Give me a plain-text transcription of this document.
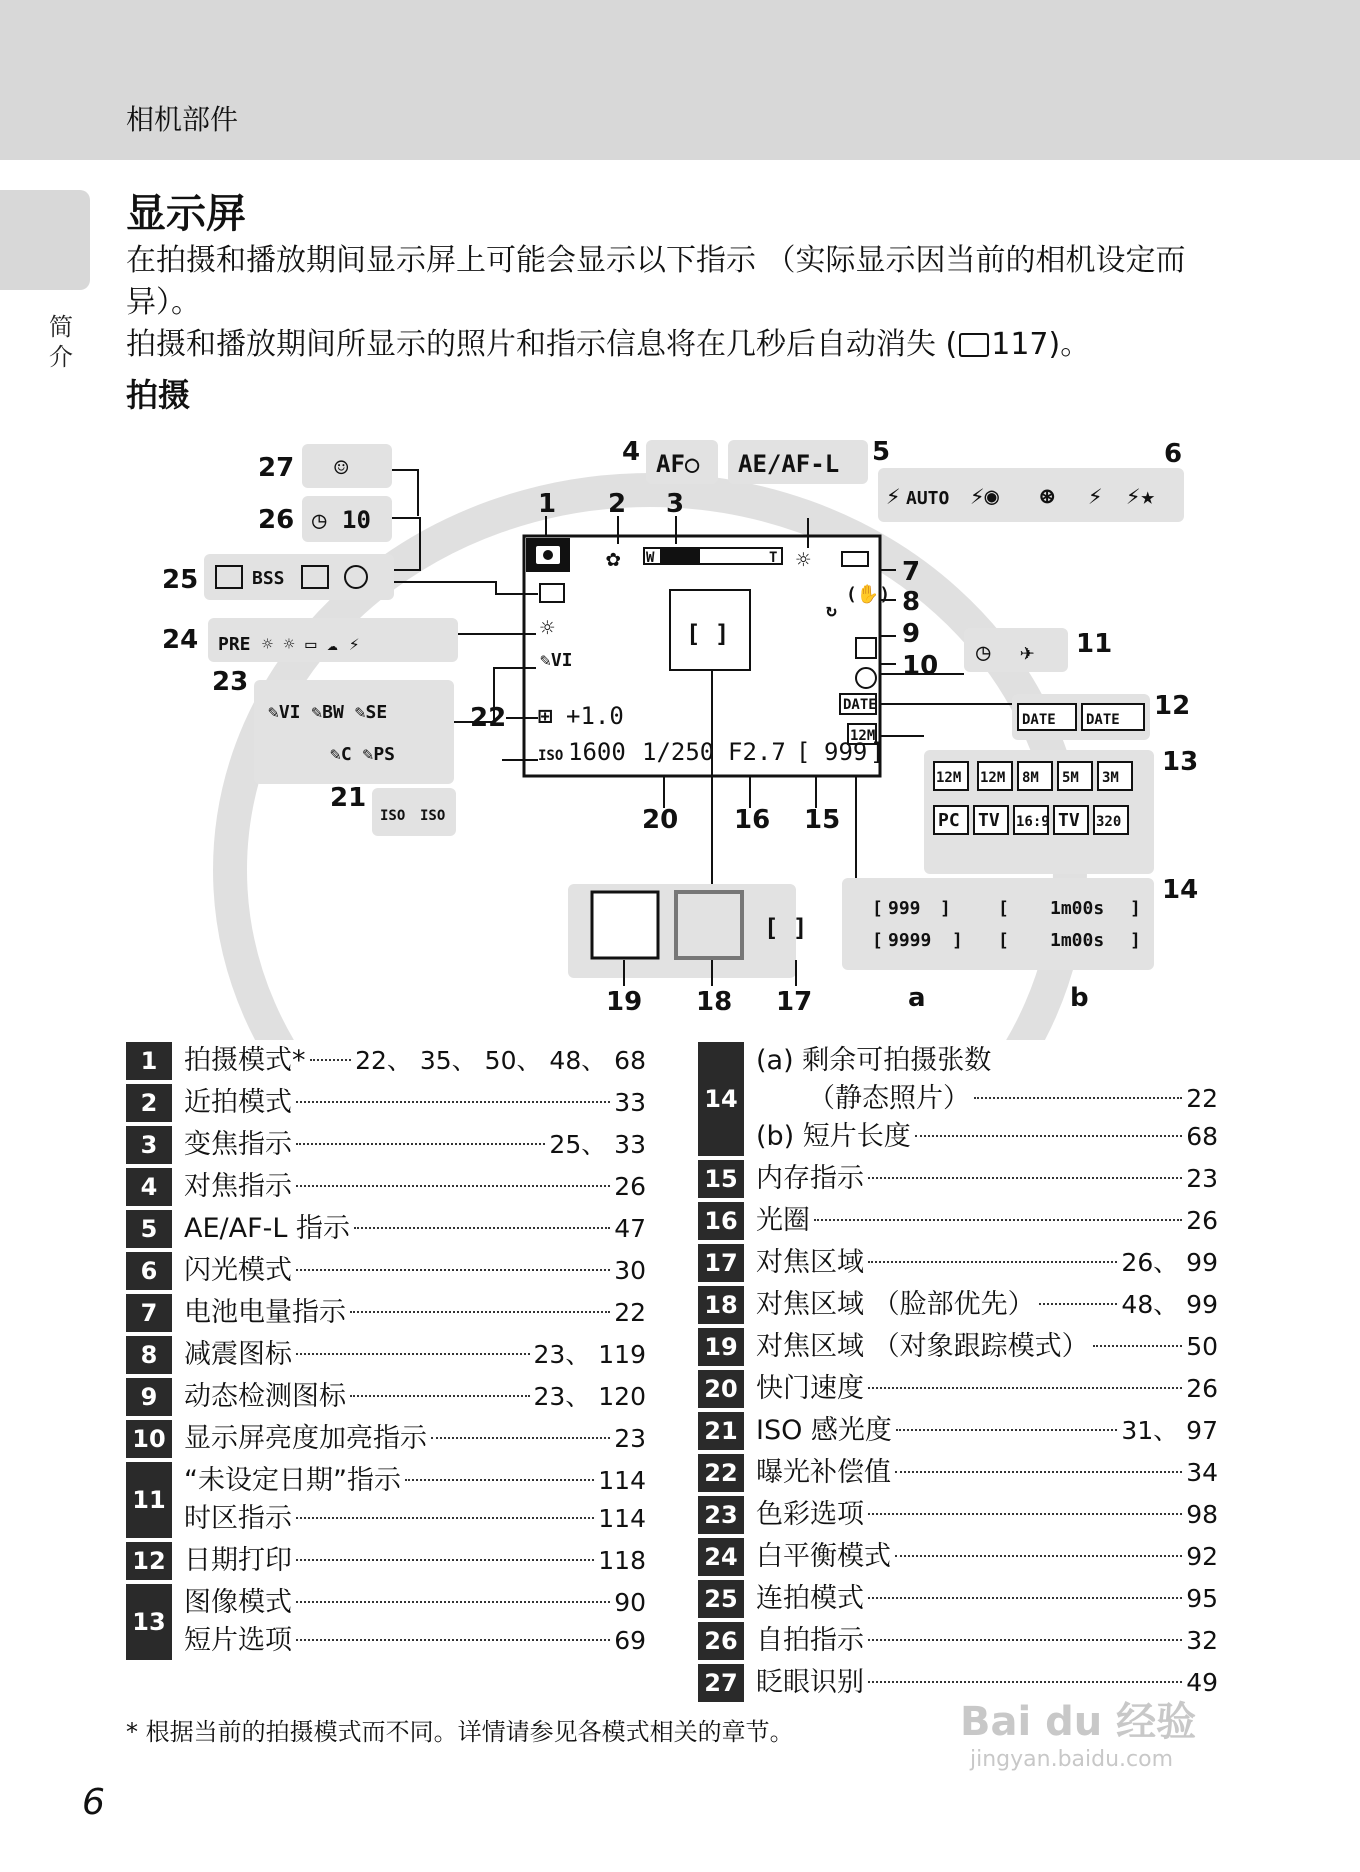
相机部件
简介
显示屏
在拍摄和播放期间显示屏上可能会显示以下指示 （实际显示因当前的相机设定而异）。
拍摄和播放期间所显示的照片和指示信息将在几秒后自动消失 ( 117)。
拍摄
✿ W	T ☼
(✋)
↻
DATE
12M
☼
✎VI
[ ]
⊞ +1.0
ISO 1600 1/250 F2.7 [ 999 ]
AF○ AE/AF-L
⚡ AUTO ⚡◉ ⊛ ⚡ ⚡★
◷ ✈
DATE DATE
12M 12M 8M 5M 3M
PC TV 16:9 TV 320
[ 999 ]
[ 9999 ]
[ 1m00s ]
[ 1m00s ]
a	b
[ ]
ISO ISO
✎VI ✎BW ✎SE
✎C ✎PS
PRE ☼ ☼ ▭ ☁ ⚡
BSS
◷ 10
☺
1 2 3
4	5	6
7
8
9
10
11
12
13
14
15
16
17
18
19
20
21
22
23
24
25
26
27
1 拍摄模式* 22、 35、 50、 48、 68
2 近拍模式	33
3 变焦指示	25、 33
4 对焦指示	26
5 AE/AF-L 指示	47
6 闪光模式	30
7 电池电量指示	22
8 减震图标	23、 119
9 动态检测图标	23、 120
10 显示屏亮度加亮指示	23
11
“未设定日期”指示	114
时区指示	114
12 日期打印	118
13
图像模式	90
短片选项	69
14
(a) 剩余可拍摄张数
（静态照片）	22
(b) 短片长度	68
15 内存指示	23
16 光圈	26
17 对焦区域	26、 99
18 对焦区域 （脸部优先）	48、 99
19 对焦区域 （对象跟踪模式）	50
20 快门速度	26
21 ISO 感光度	31、 97
22 曝光补偿值	34
23 色彩选项	98
24 白平衡模式	92
25 连拍模式	95
26 自拍指示	32
27 眨眼识别	49
* 根据当前的拍摄模式而不同。详情请参见各模式相关的章节。
6
Bai du 经验
jingyan.baidu.com
